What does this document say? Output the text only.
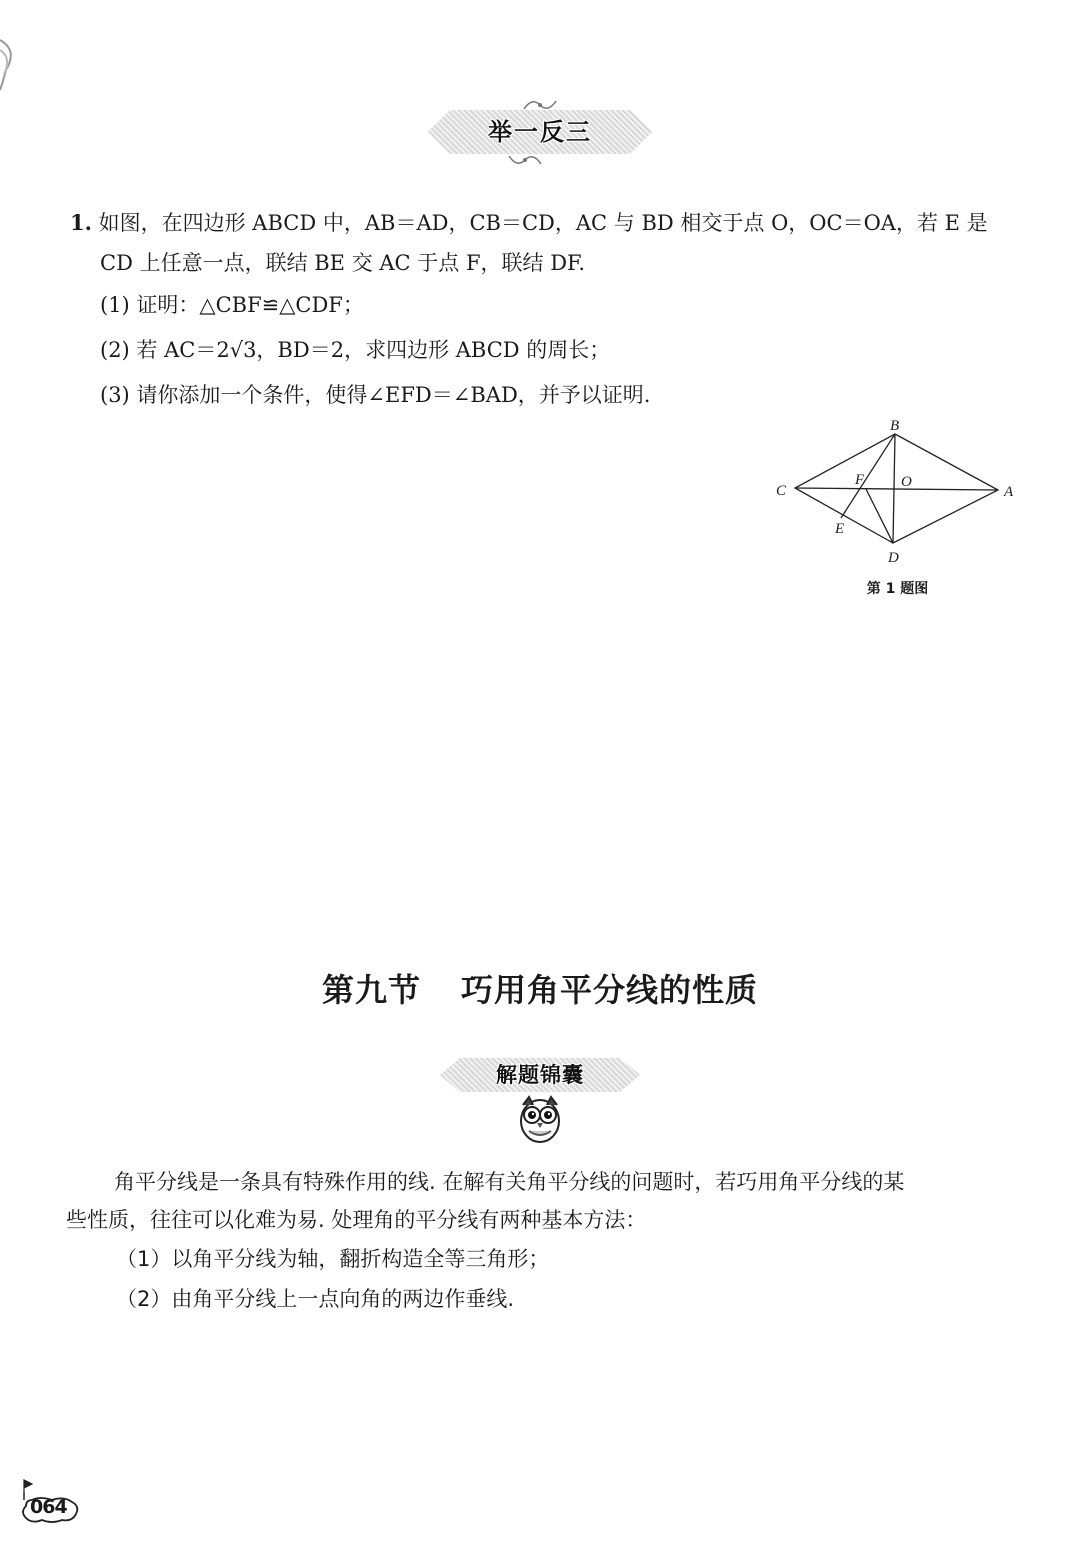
举一反三
1. 如图，在四边形 ABCD 中，AB＝AD，CB＝CD，AC 与 BD 相交于点 O，OC＝OA，若 E 是
CD 上任意一点，联结 BE 交 AC 于点 F，联结 DF.
(1) 证明：△CBF≌△CDF；
(2) 若 AC＝2√3，BD＝2，求四边形 ABCD 的周长；
(3) 请你添加一个条件，使得∠EFD＝∠BAD，并予以证明.
B
A
C
D
E
F O
第 1 题图
第九节 巧用角平分线的性质
解题锦囊
角平分线是一条具有特殊作用的线. 在解有关角平分线的问题时，若巧用角平分线的某
些性质，往往可以化难为易. 处理角的平分线有两种基本方法：
（1）以角平分线为轴，翻折构造全等三角形；
（2）由角平分线上一点向角的两边作垂线.
064
